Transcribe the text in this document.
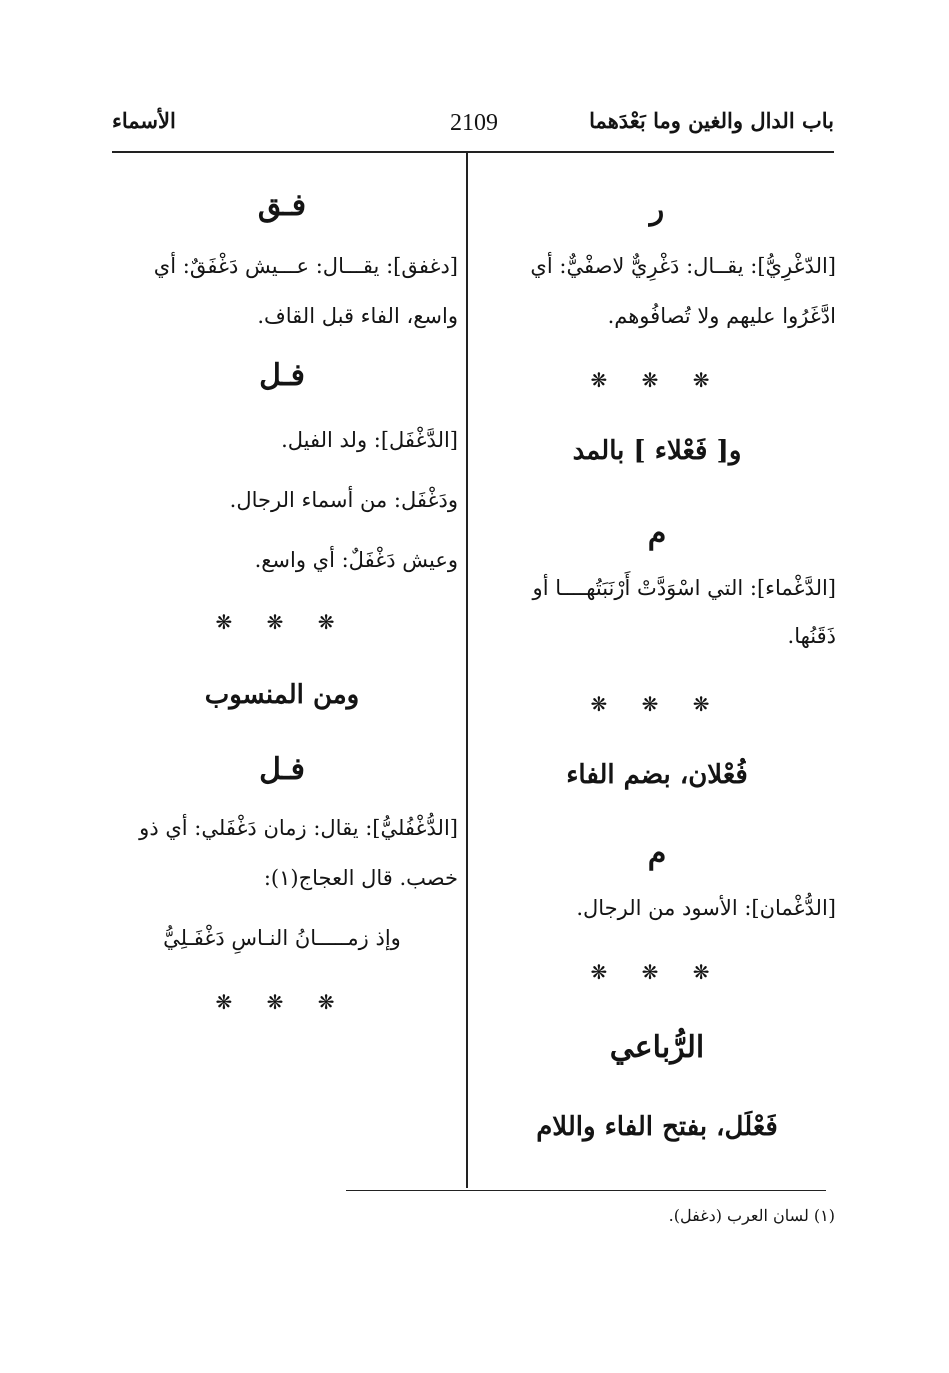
الأسماء	2109	باب الدال والغين وما بَعْدَهما
ر
[الدّغْرِيُّ]: يقــال: دَغْرِيٌّ لاصفْيٌّ: أي
ادَّغَرُوا عليهم ولا تُصافُوهم.
❋ ❋ ❋
و[ فَعْلاء ] بالمد
م
[الدَّغْماء]: التي اسْوَدَّتْ أَرْنَبَتُهــــا أو
ذَقَنُها.
❋ ❋ ❋
فُعْلان، بضم الفاء
م
[الدُّغْمان]: الأسود من الرجال.
❋ ❋ ❋
الرُّباعي
فَعْلَل، بفتح الفاء واللام
فـق
[دغفق]: يقـــال: عـــيش دَغْفَقٌ: أي
واسع، الفاء قبل القاف.
فـل
[الدَّغْفَل]: ولد الفيل.
ودَغْفَل: من أسماء الرجال.
وعيش دَغْفَلٌ: أي واسع.
❋ ❋ ❋
ومن المنسوب
فـل
[الدُّغْفُليُّ]: يقال: زمان دَغْفَلي: أي ذو
خصب. قال العجاج(١):
وإذ زمـــــانُ النـاسِ دَغْفَـلِيُّ
❋ ❋ ❋
(١) لسان العرب (دغفل).
